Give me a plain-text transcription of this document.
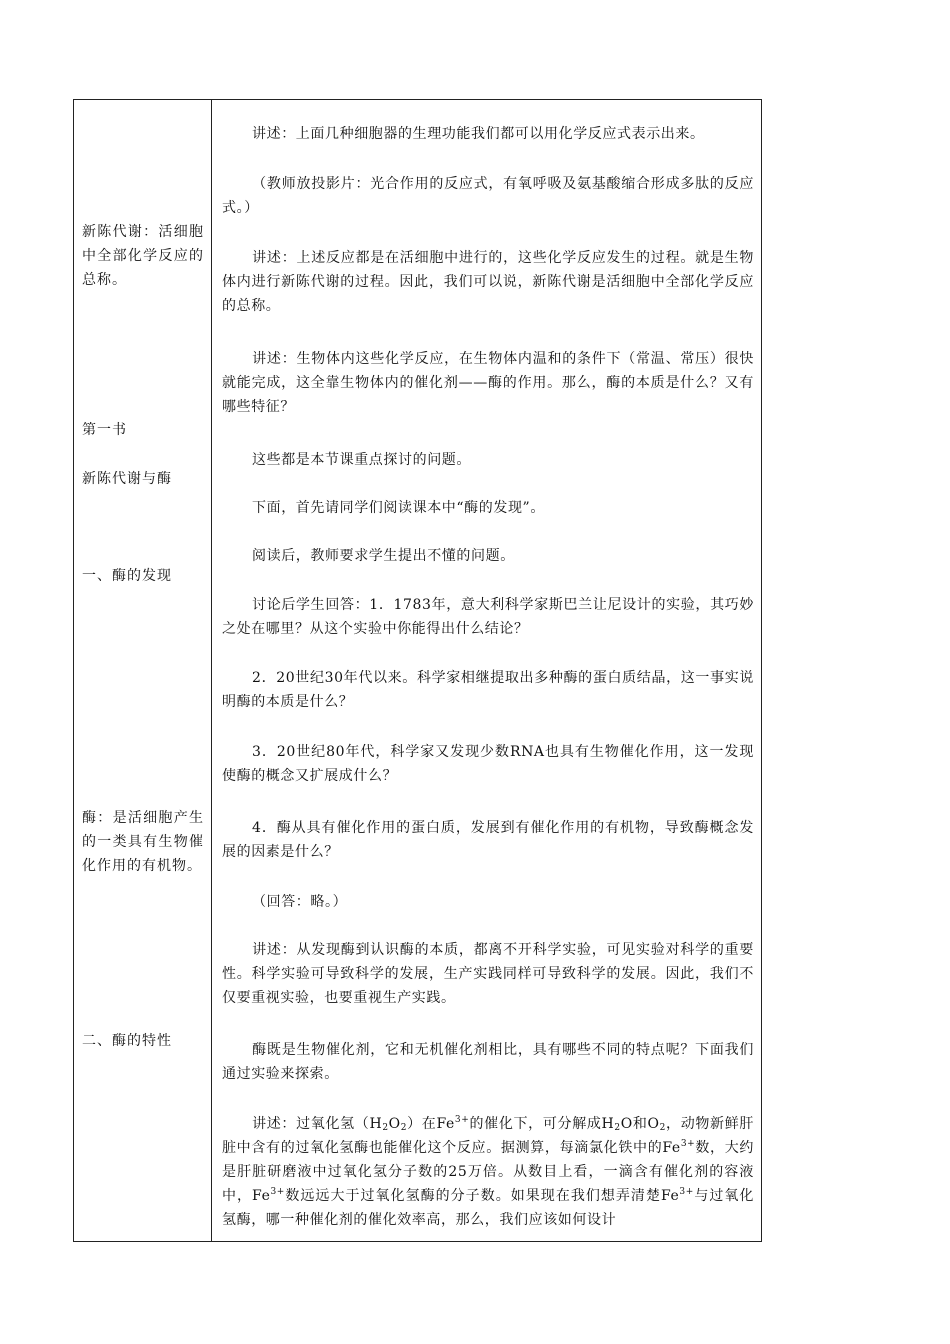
新陈代谢：活细胞中全部化学反应的总称。
第一书
新陈代谢与酶
一、酶的发现
酶：是活细胞产生的一类具有生物催化作用的有机物。
二、酶的特性
讲述：上面几种细胞器的生理功能我们都可以用化学反应式表示出来。
（教师放投影片：光合作用的反应式，有氧呼吸及氨基酸缩合形成多肽的反应式。）
讲述：上述反应都是在活细胞中进行的，这些化学反应发生的过程。就是生物体内进行新陈代谢的过程。因此，我们可以说，新陈代谢是活细胞中全部化学反应的总称。
讲述：生物体内这些化学反应，在生物体内温和的条件下（常温、常压）很快就能完成，这全靠生物体内的催化剂——酶的作用。那么，酶的本质是什么？又有哪些特征？
这些都是本节课重点探讨的问题。
下面，首先请同学们阅读课本中“酶的发现”。
阅读后，教师要求学生提出不懂的问题。
讨论后学生回答：1．1783年，意大利科学家斯巴兰让尼设计的实验，其巧妙之处在哪里？从这个实验中你能得出什么结论？
2．20世纪30年代以来。科学家相继提取出多种酶的蛋白质结晶，这一事实说明酶的本质是什么？
3．20世纪80年代，科学家又发现少数RNA也具有生物催化作用，这一发现使酶的概念又扩展成什么？
4．酶从具有催化作用的蛋白质，发展到有催化作用的有机物，导致酶概念发展的因素是什么？
（回答：略。）
讲述：从发现酶到认识酶的本质，都离不开科学实验，可见实验对科学的重要性。科学实验可导致科学的发展，生产实践同样可导致科学的发展。因此，我们不仅要重视实验，也要重视生产实践。
酶既是生物催化剂，它和无机催化剂相比，具有哪些不同的特点呢？下面我们通过实验来探索。
讲述：过氧化氢$(H_2O_2)$在$Fe^{3+}$的催化下，可分解成$H_2O$和$O_2$，动物新鲜肝脏中含有的过氧化氢酶也能催化这个反应。据测算，每滴氯化铁中的$Fe^{3+}$数，大约是肝脏研磨液中过氧化氢分子数的25万倍。从数目上看，一滴含有催化剂的容液中，$Fe^{3+}$数远远大于过氧化氢酶的分子数。如果现在我们想弄清楚$Fe^{3+}$与过氧化氢酶，哪一种催化剂的催化效率高，那么，我们应该如何设计
